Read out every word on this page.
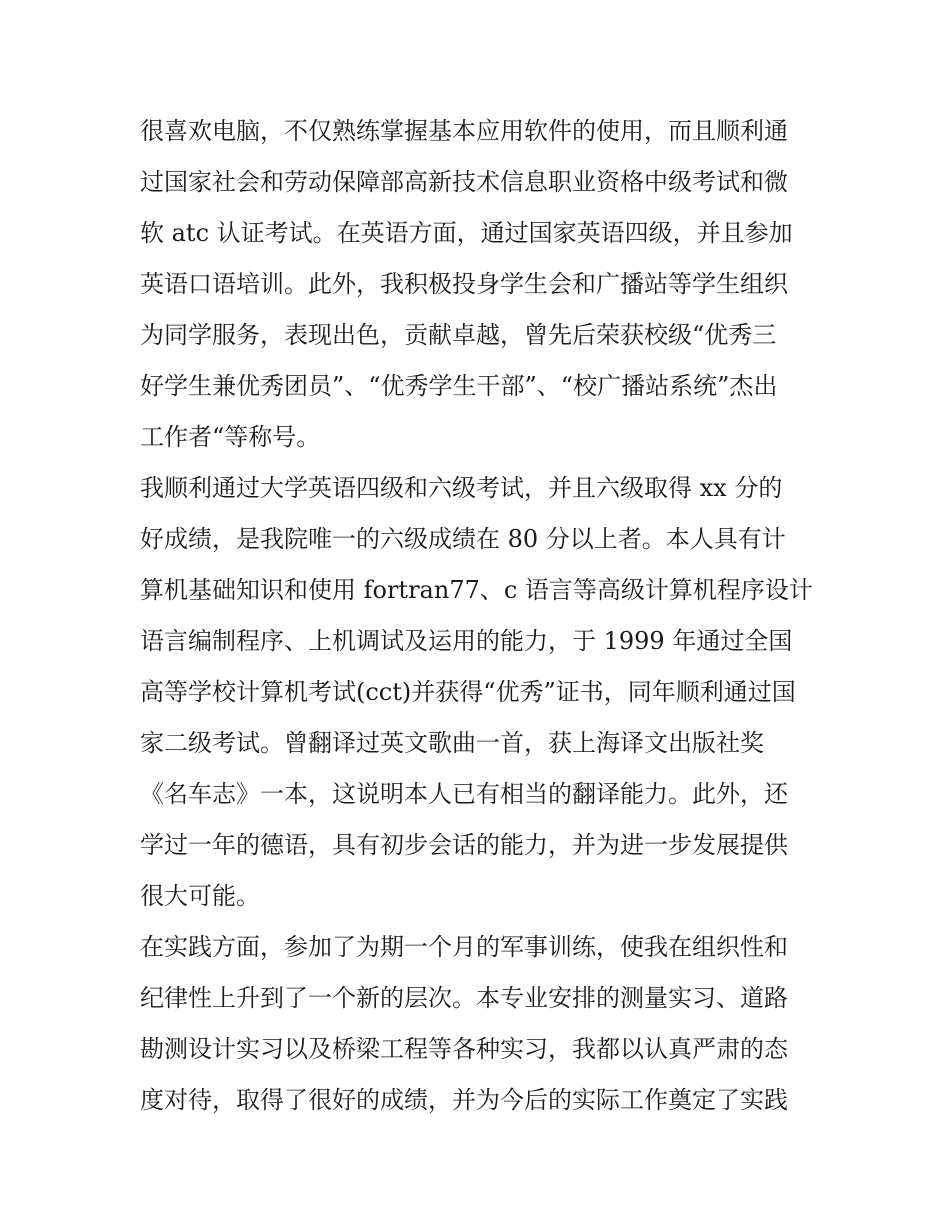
很喜欢电脑，不仅熟练掌握基本应用软件的使用，而且顺利通
过国家社会和劳动保障部高新技术信息职业资格中级考试和微
软 atc 认证考试。在英语方面，通过国家英语四级，并且参加
英语口语培训。此外，我积极投身学生会和广播站等学生组织
为同学服务，表现出色，贡献卓越，曾先后荣获校级“优秀三
好学生兼优秀团员”、“优秀学生干部”、“校广播站系统”杰出
工作者“等称号。
我顺利通过大学英语四级和六级考试，并且六级取得 xx 分的
好成绩，是我院唯一的六级成绩在 80 分以上者。本人具有计
算机基础知识和使用 fortran77、c 语言等高级计算机程序设计
语言编制程序、上机调试及运用的能力，于 1999 年通过全国
高等学校计算机考试(cct)并获得“优秀”证书，同年顺利通过国
家二级考试。曾翻译过英文歌曲一首，获上海译文出版社奖
《名车志》一本，这说明本人已有相当的翻译能力。此外，还
学过一年的德语，具有初步会话的能力，并为进一步发展提供
很大可能。
在实践方面，参加了为期一个月的军事训练，使我在组织性和
纪律性上升到了一个新的层次。本专业安排的测量实习、道路
勘测设计实习以及桥梁工程等各种实习，我都以认真严肃的态
度对待，取得了很好的成绩，并为今后的实际工作奠定了实践
